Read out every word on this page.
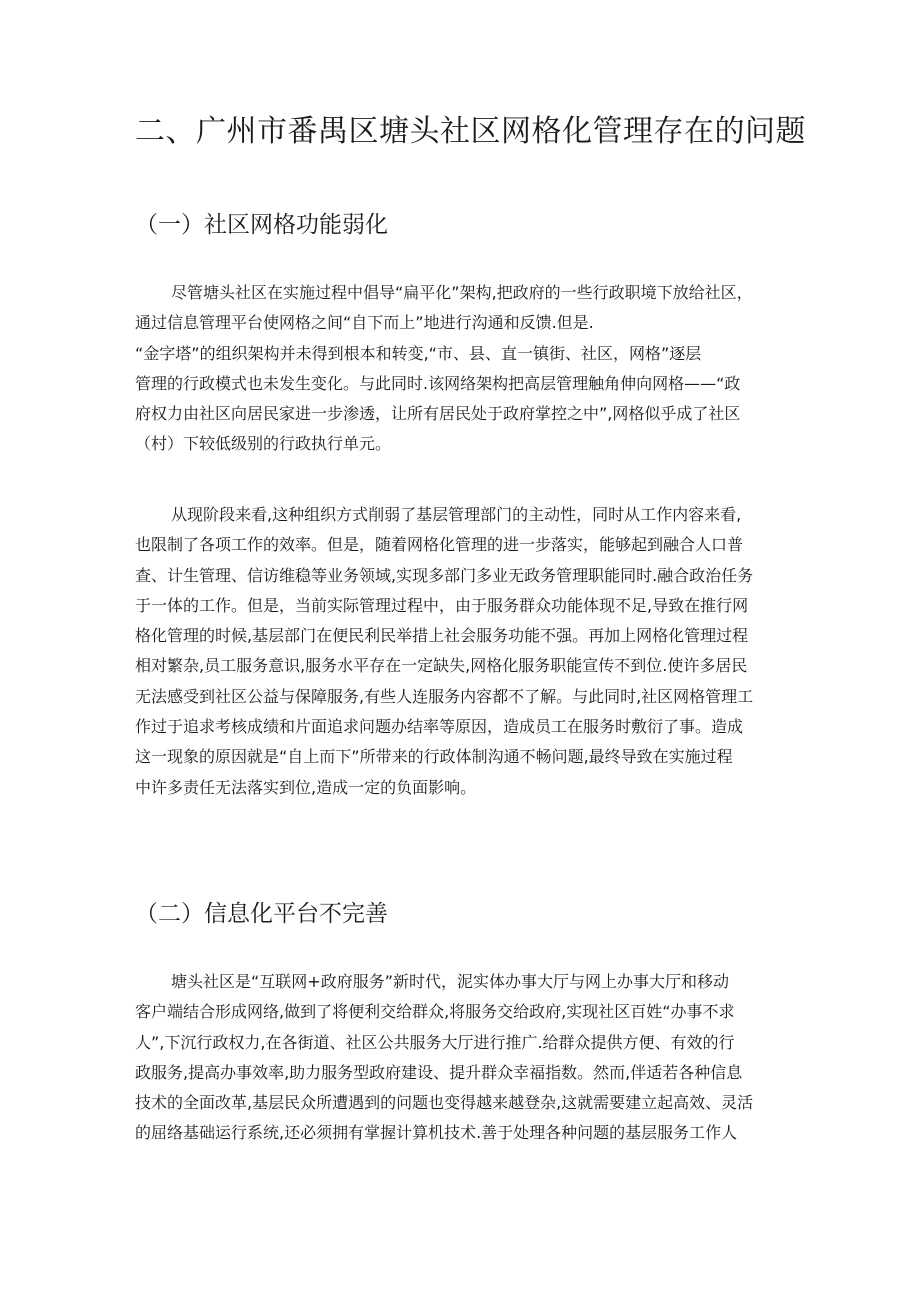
二、广州市番禺区塘头社区网格化管理存在的问题
（一）社区网格功能弱化
尽管塘头社区在实施过程中倡导“扁平化”架构,把政府的一些行政职境下放给社区，
通过信息管理平台使网格之间“自下而上”地进行沟通和反馈.但是.
“金字塔”的组织架构并未得到根本和转变,“市、县、直一镇街、社区，网格”逐层
管理的行政模式也未发生变化。与此同时.该网络架构把高层管理触角伸向网格——“政
府权力由社区向居民家进一步渗透，让所有居民处于政府掌控之中”,网格似乎成了社区
（村）下较低级别的行政执行单元。
从现阶段来看,这种组织方式削弱了基层管理部门的主动性，同时从工作内容来看,
也限制了各项工作的效率。但是，随着网格化管理的进一步落实，能够起到融合人口普
查、计生管理、信访维稳等业务领域,实现多部门多业无政务管理职能同时.融合政治任务
于一体的工作。但是，当前实际管理过程中，由于服务群众功能体现不足,导致在推行网
格化管理的时候,基层部门在便民利民举措上社会服务功能不强。再加上网格化管理过程
相对繁杂,员工服务意识,服务水平存在一定缺失,网格化服务职能宣传不到位.使许多居民
无法感受到社区公益与保障服务,有些人连服务内容都不了解。与此同时,社区网格管理工
作过于追求考核成绩和片面追求问题办结率等原因，造成员工在服务时敷衍了事。造成
这一现象的原因就是“自上而下”所带来的行政体制沟通不畅问题,最终导致在实施过程
中许多责任无法落实到位,造成一定的负面影响。
（二）信息化平台不完善
塘头社区是“互联网+政府服务”新时代，泥实体办事大厅与网上办事大厅和移动
客户端结合形成网络,做到了将便利交给群众,将服务交给政府,实现社区百姓“办事不求
人”,下沉行政权力,在各街道、社区公共服务大厅进行推广.给群众提供方便、有效的行
政服务,提高办事效率,助力服务型政府建设、提升群众幸福指数。然而,伴适若各种信息
技术的全面改革,基层民众所遭遇到的问题也变得越来越登杂,这就需要建立起高效、灵活
的屈络基础运行系统,还必须拥有掌握计算机技术.善于处理各种问题的基层服务工作人
